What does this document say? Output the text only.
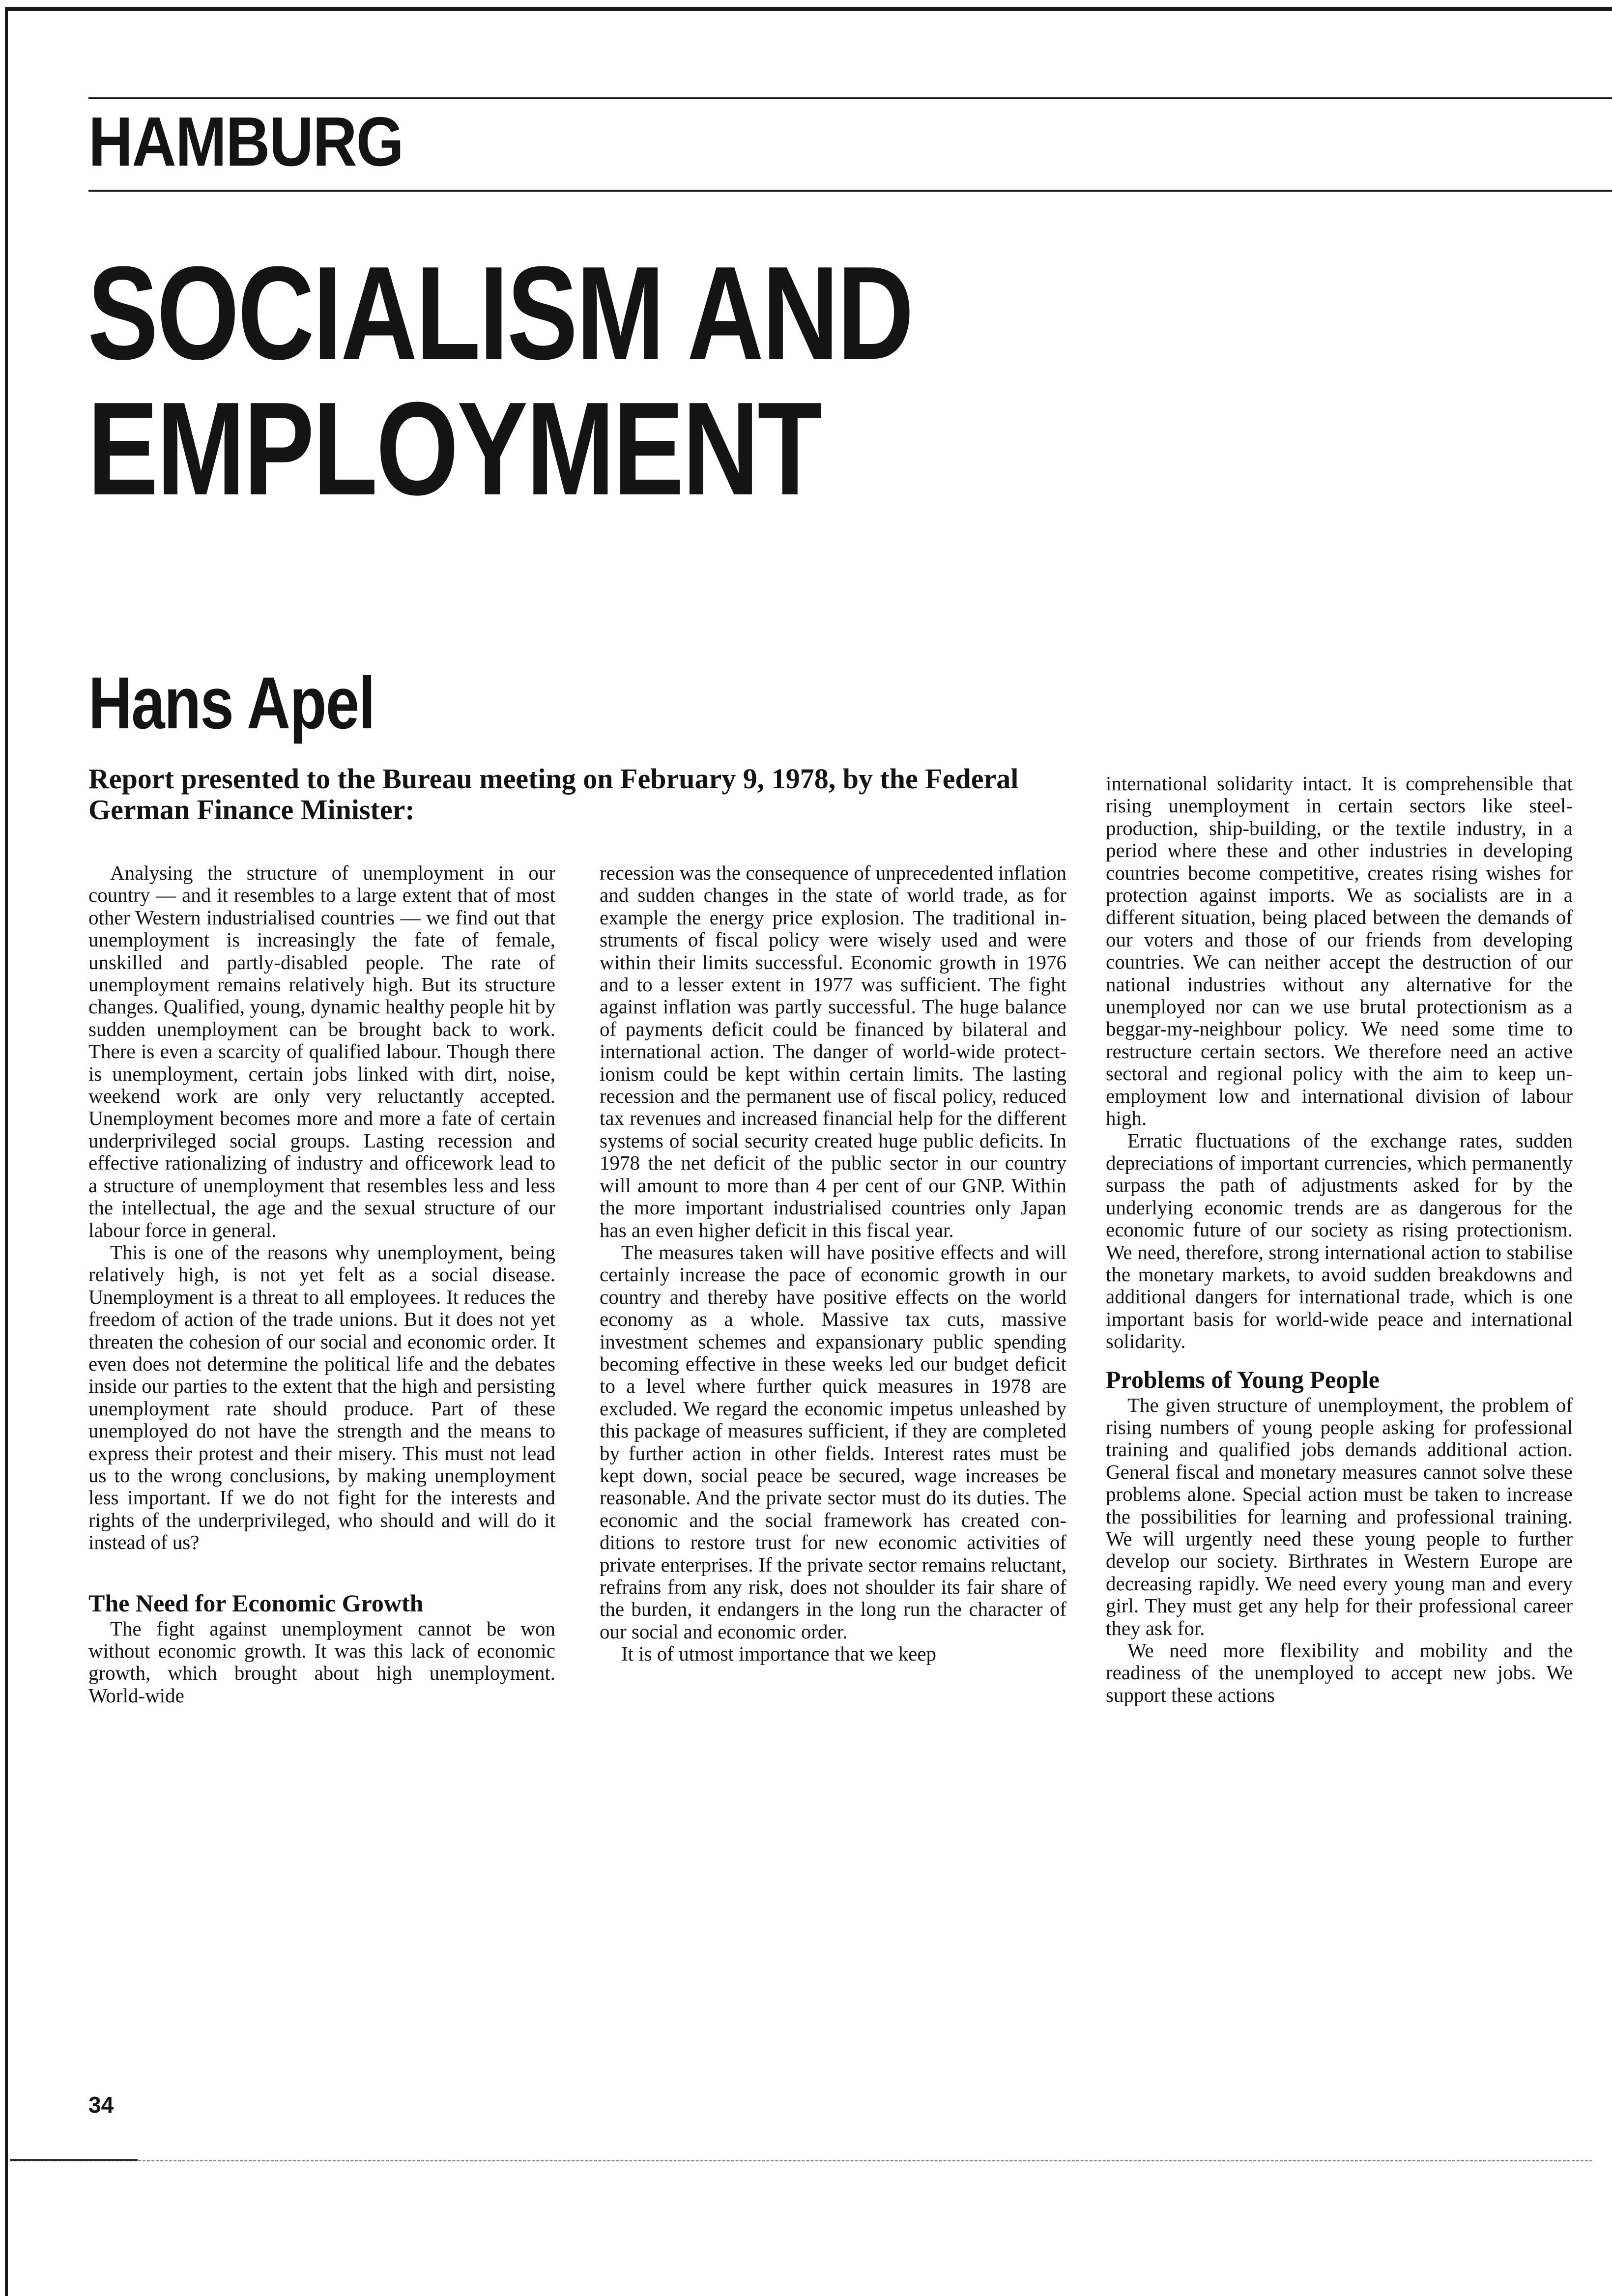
HAMBURG
SOCIALISM AND
EMPLOYMENT
Hans Apel

Report presented to the Bureau meeting on February 9, 1978, by the Federal German Finance Minister:

Analysing the structure of unemployment in our country — and it resembles to a large extent that of most other Western industrialised countries — we find out that unemployment is increasingly the fate of female, unskilled and partly-disabled people. The rate of unemployment remains relatively high. But its structure changes. Qualified, young, dynamic healthy people hit by sudden unemployment can be brought back to work. There is even a scarcity of qualified labour. Though there is unemployment, certain jobs linked with dirt, noise, weekend work are only very reluctantly accepted. Unemployment becomes more and more a fate of certain underprivileged social groups. Lasting recession and effective rationalizing of industry and officework lead to a structure of unemployment that resembles less and less the intellectual, the age and the sexual structure of our labour force in general.

This is one of the reasons why unemployment, being relatively high, is not yet felt as a social disease. Unemployment is a threat to all employees. It reduces the freedom of action of the trade unions. But it does not yet threaten the cohesion of our social and economic order. It even does not determine the political life and the debates inside our parties to the extent that the high and persisting unemployment rate should produce. Part of these unemployed do not have the strength and the means to express their protest and their misery. This must not lead us to the wrong conclusions, by making unemployment less important. If we do not fight for the interests and rights of the underprivileged, who should and will do it instead of us?

The Need for Economic Growth

The fight against unemployment cannot be won without economic growth. It was this lack of economic growth, which brought about high unemployment. World-wide

recession was the consequence of unprecedented inflation and sudden changes in the state of world trade, as for example the energy price explosion. The traditional instruments of fiscal policy were wisely used and were within their limits successful. Economic growth in 1976 and to a lesser extent in 1977 was sufficient. The fight against inflation was partly successful. The huge balance of payments deficit could be financed by bilateral and international action. The danger of world-wide protectionism could be kept within certain limits. The lasting recession and the permanent use of fiscal policy, reduced tax revenues and increased financial help for the different systems of social security created huge public deficits. In 1978 the net deficit of the public sector in our country will amount to more than 4 per cent of our GNP. Within the more important industrialised countries only Japan has an even higher deficit in this fiscal year.

The measures taken will have positive effects and will certainly increase the pace of economic growth in our country and thereby have positive effects on the world economy as a whole. Massive tax cuts, massive investment schemes and expansionary public spending becoming effective in these weeks led our budget deficit to a level where further quick measures in 1978 are excluded. We regard the economic impetus unleashed by this package of measures sufficient, if they are completed by further action in other fields. Interest rates must be kept down, social peace be secured, wage increases be reasonable. And the private sector must do its duties. The economic and the social framework has created conditions to restore trust for new economic activities of private enterprises. If the private sector remains reluctant, refrains from any risk, does not shoulder its fair share of the burden, it endangers in the long run the character of our social and economic order.

It is of utmost importance that we keep

international solidarity intact. It is comprehensible that rising unemployment in certain sectors like steel-production, ship-building, or the textile industry, in a period where these and other industries in developing countries become competitive, creates rising wishes for protection against imports. We as socialists are in a different situation, being placed between the demands of our voters and those of our friends from developing countries. We can neither accept the destruction of our national industries without any alternative for the unemployed nor can we use brutal protectionism as a beggar-my-neighbour policy. We need some time to restructure certain sectors. We therefore need an active sectoral and regional policy with the aim to keep unemployment low and international division of labour high.

Erratic fluctuations of the exchange rates, sudden depreciations of important currencies, which permanently surpass the path of adjustments asked for by the underlying economic trends are as dangerous for the economic future of our society as rising protectionism. We need, therefore, strong international action to stabilise the monetary markets, to avoid sudden breakdowns and additional dangers for international trade, which is one important basis for world-wide peace and international solidarity.

Problems of Young People

The given structure of unemployment, the problem of rising numbers of young people asking for professional training and qualified jobs demands additional action. General fiscal and monetary measures cannot solve these problems alone. Special action must be taken to increase the possibilities for learning and professional training. We will urgently need these young people to further develop our society. Birthrates in Western Europe are decreasing rapidly. We need every young man and every girl. They must get any help for their professional career they ask for.

We need more flexibility and mobility and the readiness of the unemployed to accept new jobs. We support these actions

34
